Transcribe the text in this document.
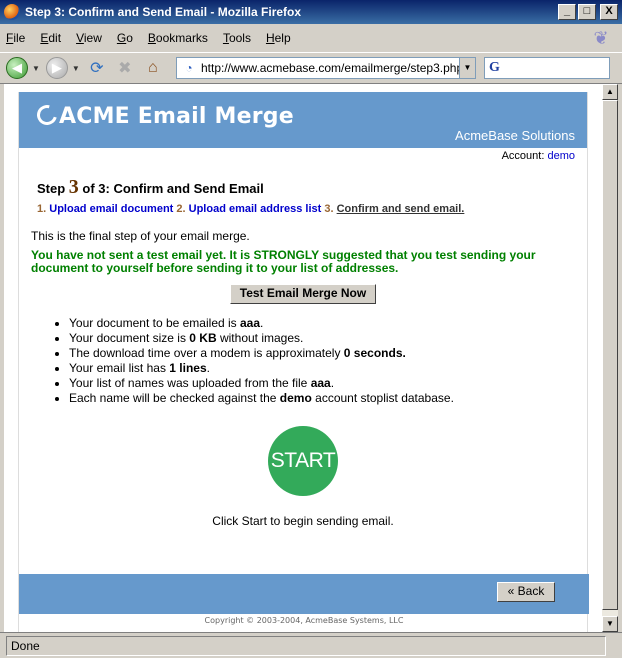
Step 3: Confirm and Send Email - Mozilla Firefox	_	□	X
File Edit View Go Bookmarks Tools Help	❦
◀	▼ ▶	▼ ⟳ ✖	⌂	◔
http://www.acmebase.com/emailmerge/step3.php?ic	▼ G
ACME Email Merge
AcmeBase Solutions
Account: demo
Step 3 of 3: Confirm and Send Email
1. Upload email document 2. Upload email address list 3. Confirm and send email.
This is the final step of your email merge.
You have not sent a test email yet. It is STRONGLY suggested that you test sending your document to yourself before sending it to your list of addresses.
Test Email Merge Now
• Your document to be emailed is aaa.
• Your document size is 0 KB without images.
• The download time over a modem is approximately 0 seconds.
• Your email list has 1 lines.
• Your list of names was uploaded from the file aaa.
• Each name will be checked against the demo account stoplist database.
START
Click Start to begin sending email.
« Back
Copyright © 2003-2004, AcmeBase Systems, LLC
▲
▼
Done
